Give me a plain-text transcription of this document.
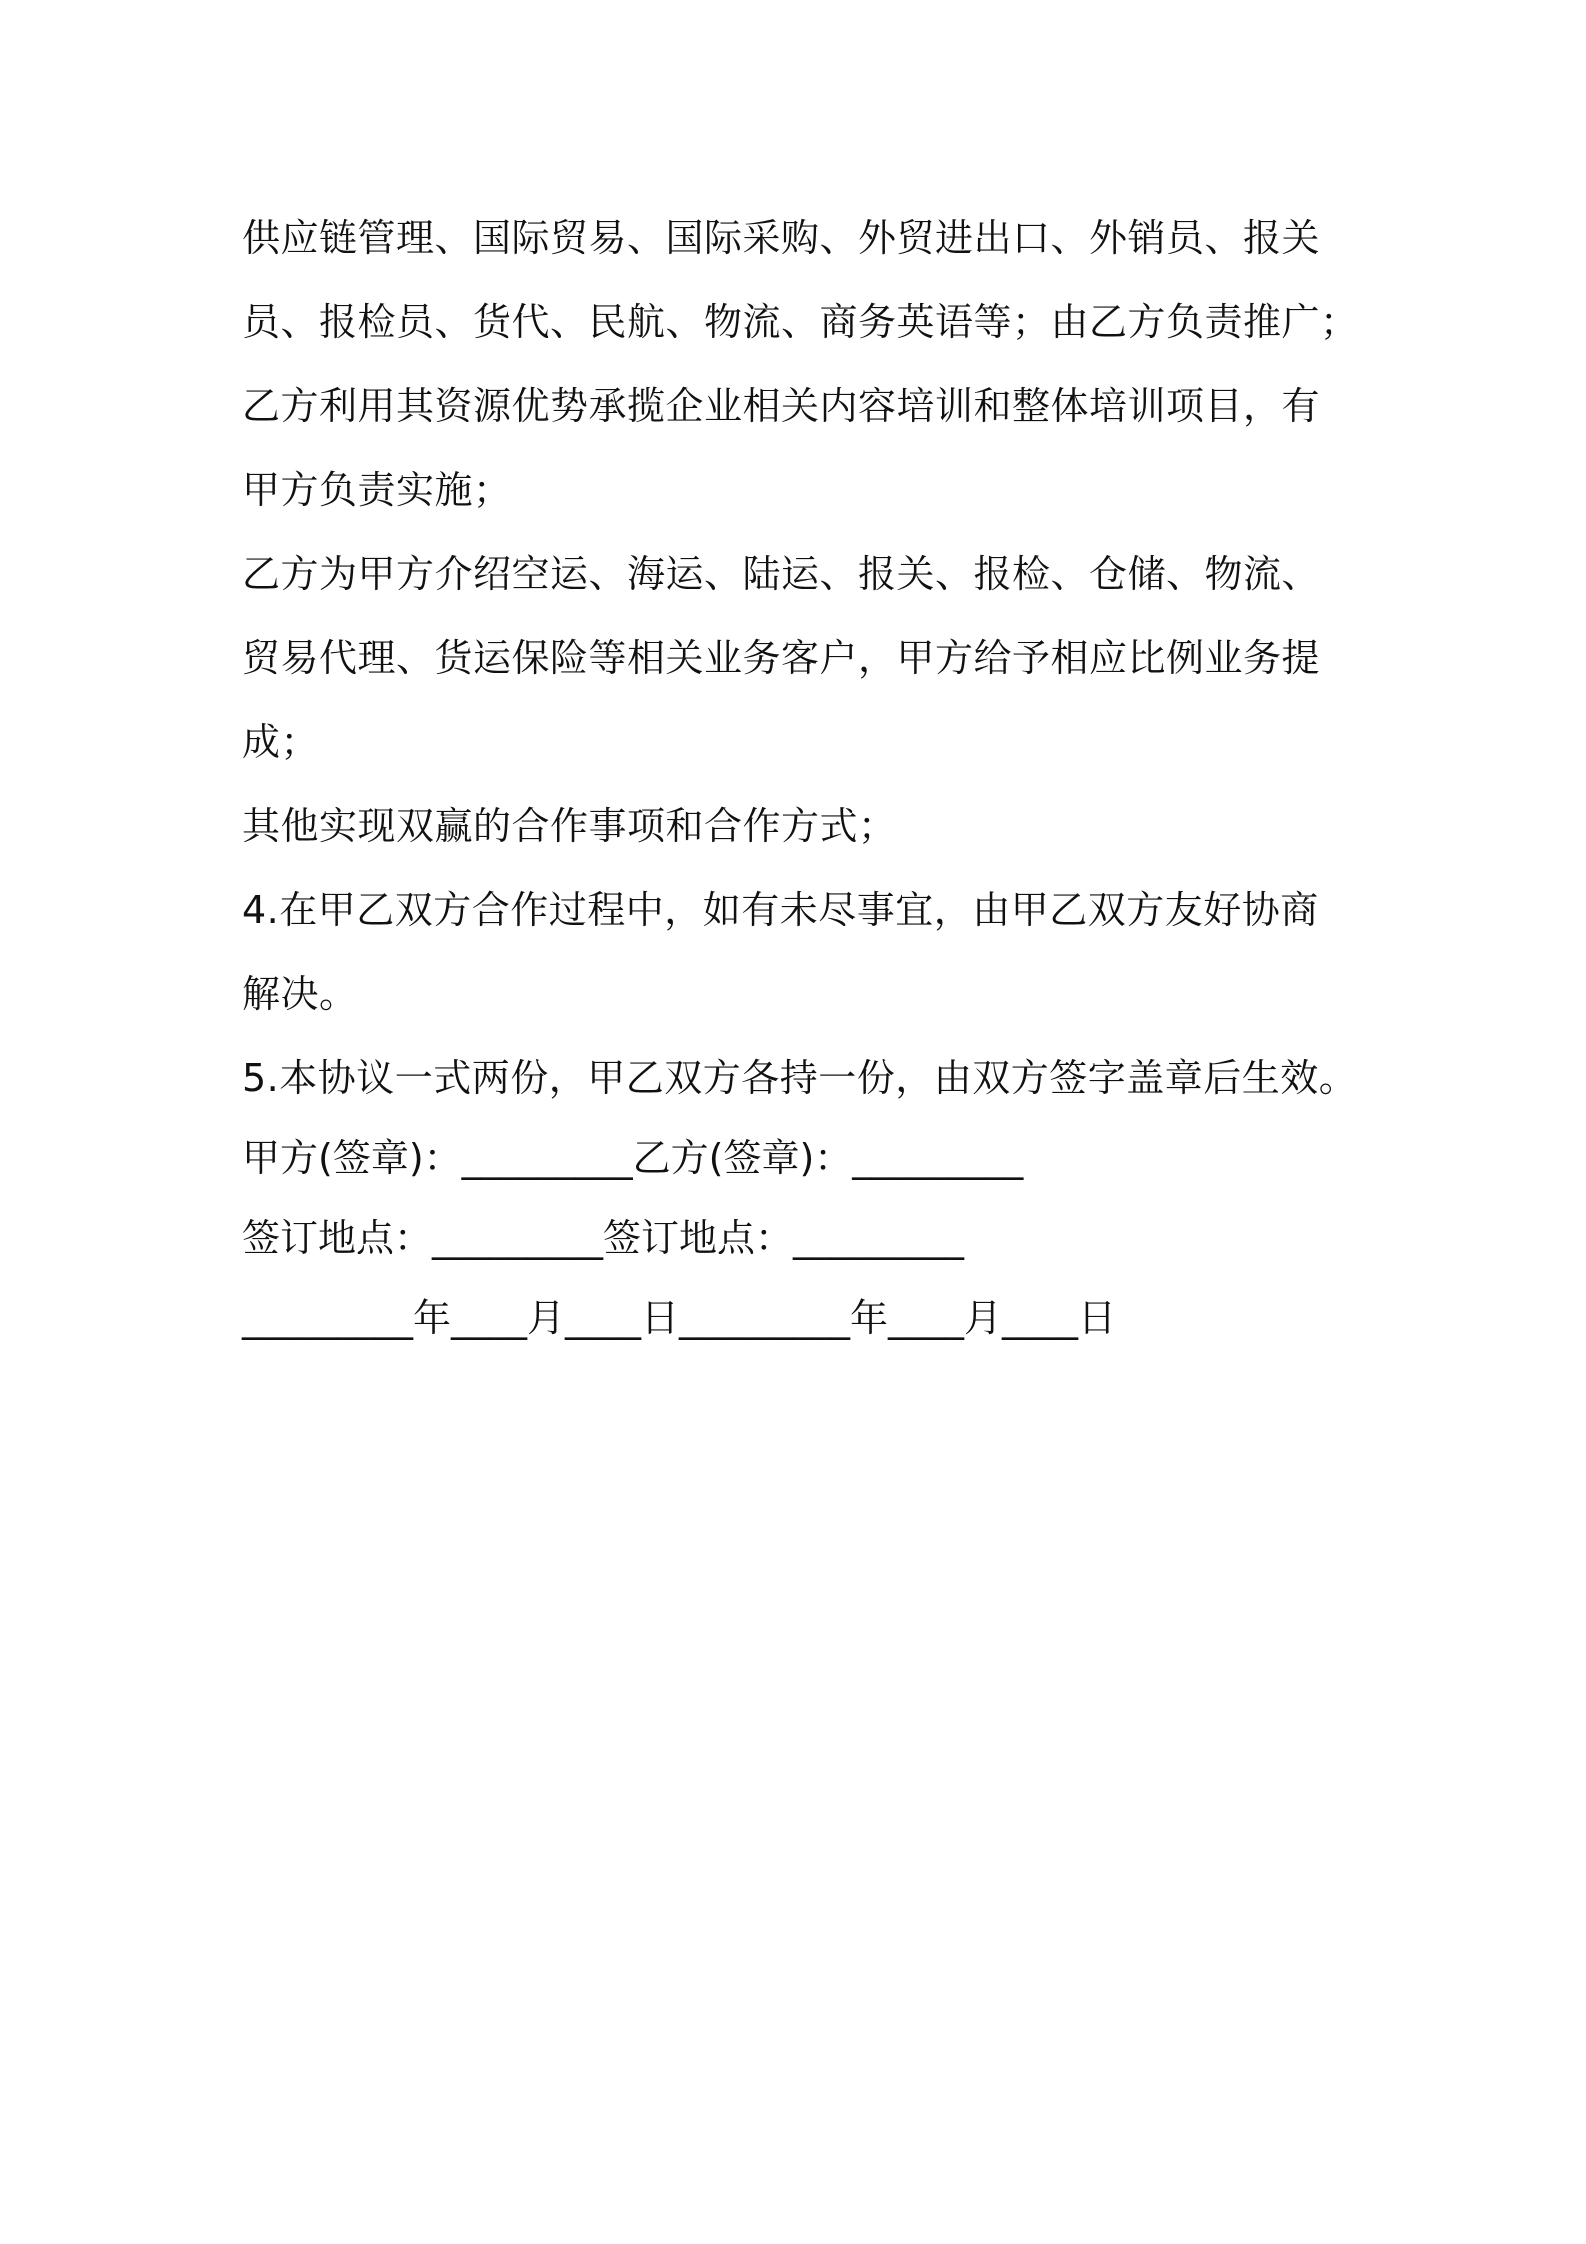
供应链管理、国际贸易、国际采购、外贸进出口、外销员、报关
员、报检员、货代、民航、物流、商务英语等；由乙方负责推广；
乙方利用其资源优势承揽企业相关内容培训和整体培训项目，有
甲方负责实施；
乙方为甲方介绍空运、海运、陆运、报关、报检、仓储、物流、
贸易代理、货运保险等相关业务客户，甲方给予相应比例业务提
成；
其他实现双赢的合作事项和合作方式；
4.在甲乙双方合作过程中，如有未尽事宜，由甲乙双方友好协商
解决。
5.本协议一式两份，甲乙双方各持一份，由双方签字盖章后生效。
甲方(签章)：_________乙方(签章)：_________
签订地点：_________签订地点：_________
_________年____月____日_________年____月____日
